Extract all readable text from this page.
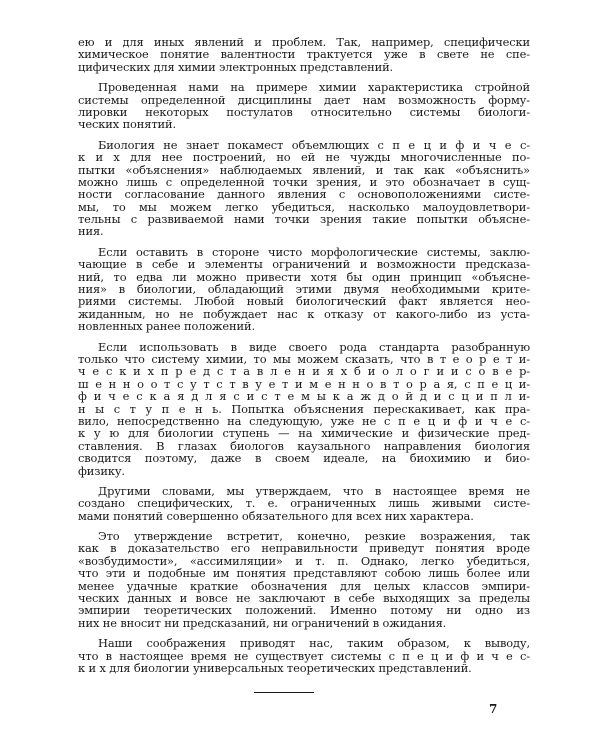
ею и для иных явлений и проблем. Так, например, специфически
химическое понятие валентности трактуется уже в свете не спе-
цифических для химии электронных представлений.
Проведенная нами на примере химии характеристика стройной
системы определенной дисциплины дает нам возможность форму-
лировки некоторых постулатов относительно системы биологи-
ческих понятий.
Биология не знает покамест объемлющих с п е ц и ф и ч е с-
к и х для нее построений, но ей не чужды многочисленные по-
пытки «объяснения» наблюдаемых явлений, и так как «объяснить»
можно лишь с определенной точки зрения, и это обозначает в сущ-
ности согласование данного явления с основоположениями систе-
мы, то мы можем легко убедиться, насколько малоудовлетвори-
тельны с развиваемой нами точки зрения такие попытки объясне-
ния.
Если оставить в стороне чисто морфологические системы, заклю-
чающие в себе и элементы ограничений и возможности предсказа-
ний, то едва ли можно привести хотя бы один принцип «объясне-
ния» в биологии, обладающий этими двумя необходимыми крите-
риями системы. Любой новый биологический факт является нео-
жиданным, но не побуждает нас к отказу от какого-либо из уста-
новленных ранее положений.
Если использовать в виде своего рода стандарта разобранную
только что систему химии, то мы можем сказать, что в т е о р е т и-
ч е с к и х п р е д с т а в л е н и я х б и о л о г и и с о в е р-
ш е н н о о т с у т с т в у е т и м е н н о в т о р а я, с п е ц и-
ф и ч е с к а я д л я с и с т е м ы к а ж д о й д и с ц и п л и-
н ы с т у п е н ь. Попытка объяснения перескакивает, как пра-
вило, непосредственно на следующую, уже не с п е ц и ф и ч е с-
к у ю для биологии ступень — на химические и физические пред-
ставления. В глазах биологов каузального направления биология
сводится поэтому, даже в своем идеале, на биохимию и био-
физику.
Другими словами, мы утверждаем, что в настоящее время не
создано специфических, т. е. ограниченных лишь живыми систе-
мами понятий совершенно обязательного для всех них характера.
Это утверждение встретит, конечно, резкие возражения, так
как в доказательство его неправильности приведут понятия вроде
«возбудимости», «ассимиляции» и т. п. Однако, легко убедиться,
что эти и подобные им понятия представляют собою лишь более или
менее удачные краткие обозначения для целых классов эмпири-
ческих данных и вовсе не заключают в себе выходящих за пределы
эмпирии теоретических положений. Именно потому ни одно из
них не вносит ни предсказаний, ни ограничений в ожидания.
Наши соображения приводят нас, таким образом, к выводу,
что в настоящее время не существует системы с п е ц и ф и ч е с-
к и х для биологии универсальных теоретических представлений.
7
